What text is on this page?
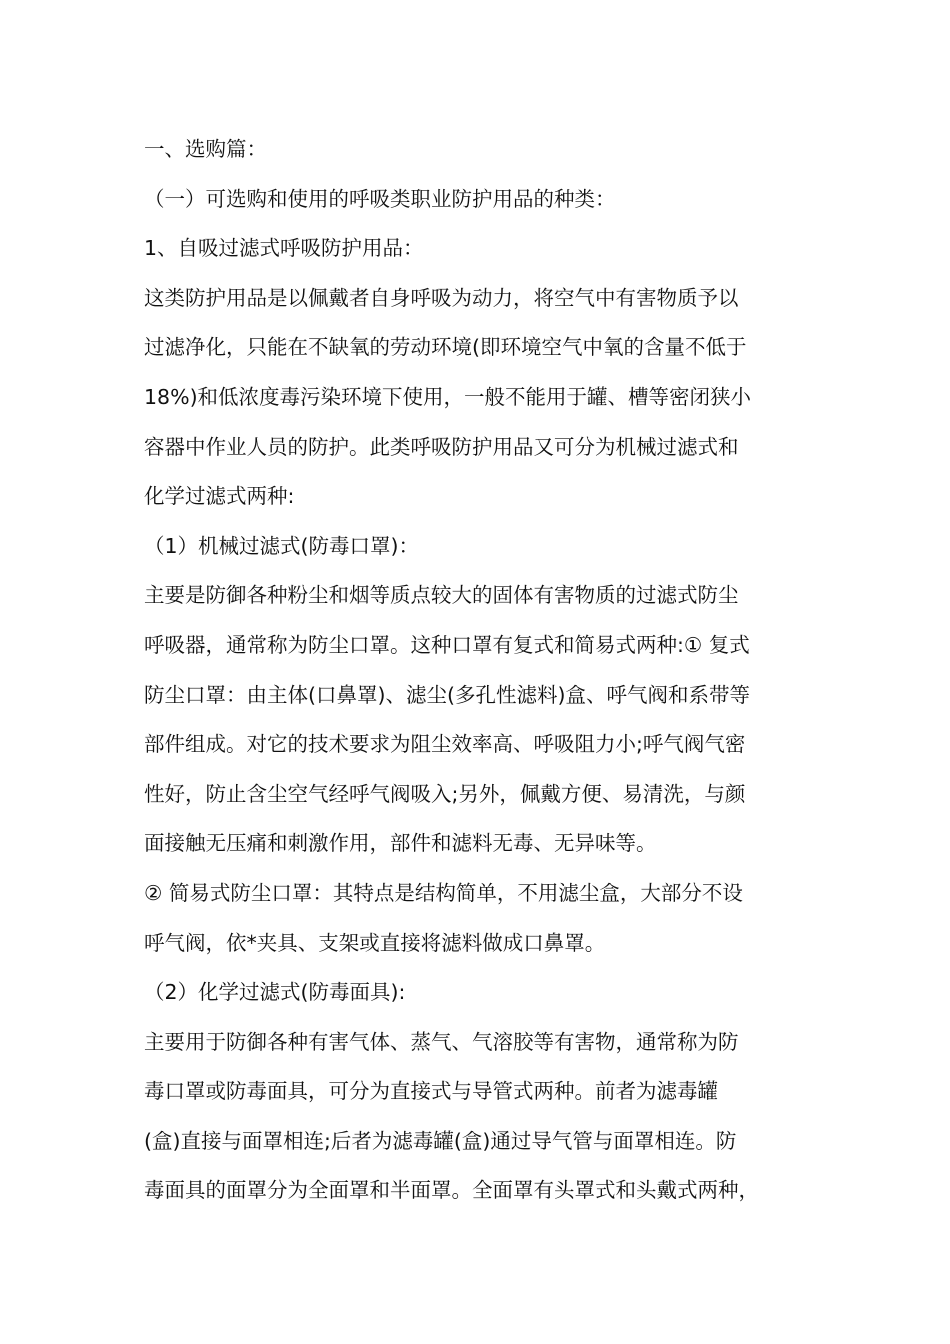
一、选购篇：
（一）可选购和使用的呼吸类职业防护用品的种类：
1、自吸过滤式呼吸防护用品：
这类防护用品是以佩戴者自身呼吸为动力，将空气中有害物质予以
过滤净化，只能在不缺氧的劳动环境(即环境空气中氧的含量不低于
18%)和低浓度毒污染环境下使用，一般不能用于罐、槽等密闭狭小
容器中作业人员的防护。此类呼吸防护用品又可分为机械过滤式和
化学过滤式两种:
（1）机械过滤式(防毒口罩)：
主要是防御各种粉尘和烟等质点较大的固体有害物质的过滤式防尘
呼吸器，通常称为防尘口罩。这种口罩有复式和简易式两种:① 复式
防尘口罩：由主体(口鼻罩)、滤尘(多孔性滤料)盒、呼气阀和系带等
部件组成。对它的技术要求为阻尘效率高、呼吸阻力小;呼气阀气密
性好，防止含尘空气经呼气阀吸入;另外，佩戴方便、易清洗，与颜
面接触无压痛和刺激作用，部件和滤料无毒、无异味等。
② 简易式防尘口罩：其特点是结构简单，不用滤尘盒，大部分不设
呼气阀，依*夹具、支架或直接将滤料做成口鼻罩。
（2）化学过滤式(防毒面具):
主要用于防御各种有害气体、蒸气、气溶胶等有害物，通常称为防
毒口罩或防毒面具，可分为直接式与导管式两种。前者为滤毒罐
(盒)直接与面罩相连;后者为滤毒罐(盒)通过导气管与面罩相连。防
毒面具的面罩分为全面罩和半面罩。全面罩有头罩式和头戴式两种，
